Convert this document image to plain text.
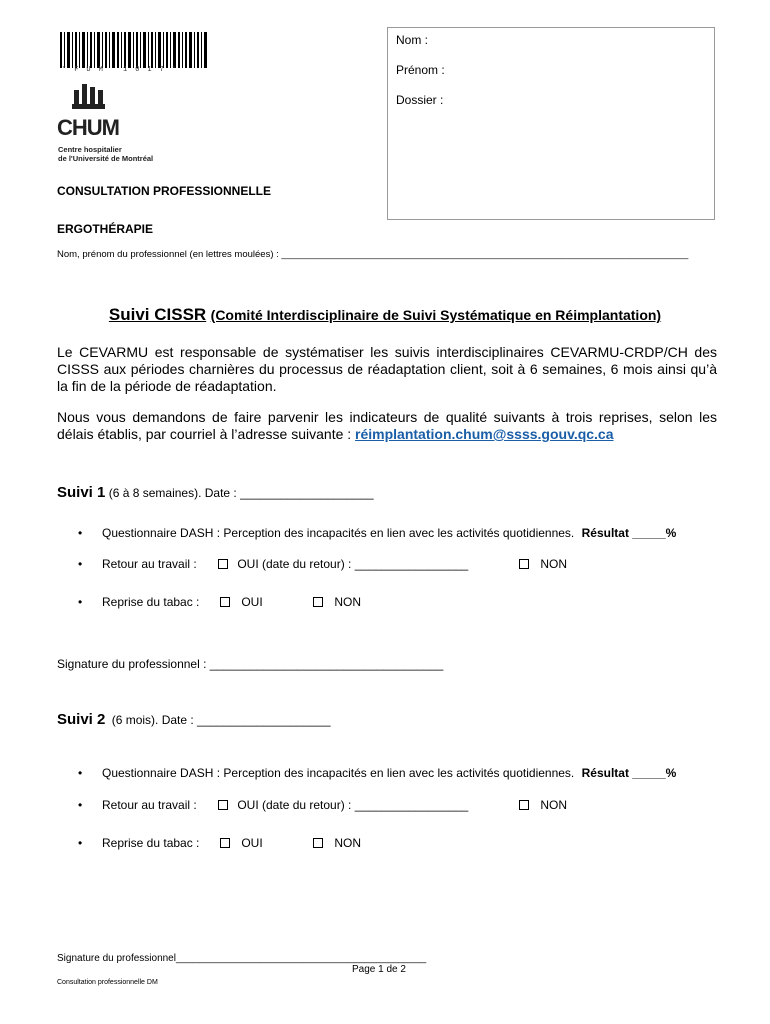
*FUM 1017*
CHUM
Centre hospitalier
de l'Université de Montréal
Nom :
Prénom :
Dossier :
CONSULTATION PROFESSIONNELLE
ERGOTHÉRAPIE
Nom, prénom du professionnel (en lettres moulées) : _____________________________________________________________________________
Suivi CISSR (Comité Interdisciplinaire de Suivi Systématique en Réimplantation)
Le CEVARMU est responsable de systématiser les suivis interdisciplinaires CEVARMU-CRDP/CH des CISSS aux périodes charnières du processus de réadaptation client, soit à 6 semaines, 6 mois ainsi qu’à la fin de la période de réadaptation.
Nous vous demandons de faire parvenir les indicateurs de qualité suivants à trois reprises, selon les délais établis, par courriel à l’adresse suivante : réimplantation.chum@ssss.gouv.qc.ca
Suivi 1 (6 à 8 semaines). Date : ____________________
• Questionnaire DASH : Perception des incapacités en lien avec les activités quotidiennes. Résultat _____%
• Retour au travail :	OUI (date du retour) : _________________	NON
• Reprise du tabac :	OUI	NON
Signature du professionnel : ___________________________________
Suivi 2 (6 mois). Date : ____________________
• Questionnaire DASH : Perception des incapacités en lien avec les activités quotidiennes. Résultat _____%
• Retour au travail :	OUI (date du retour) : _________________	NON
• Reprise du tabac :	OUI	NON
Signature du professionnel_____________________________________________
Page 1 de 2
Consultation professionnelle DM
